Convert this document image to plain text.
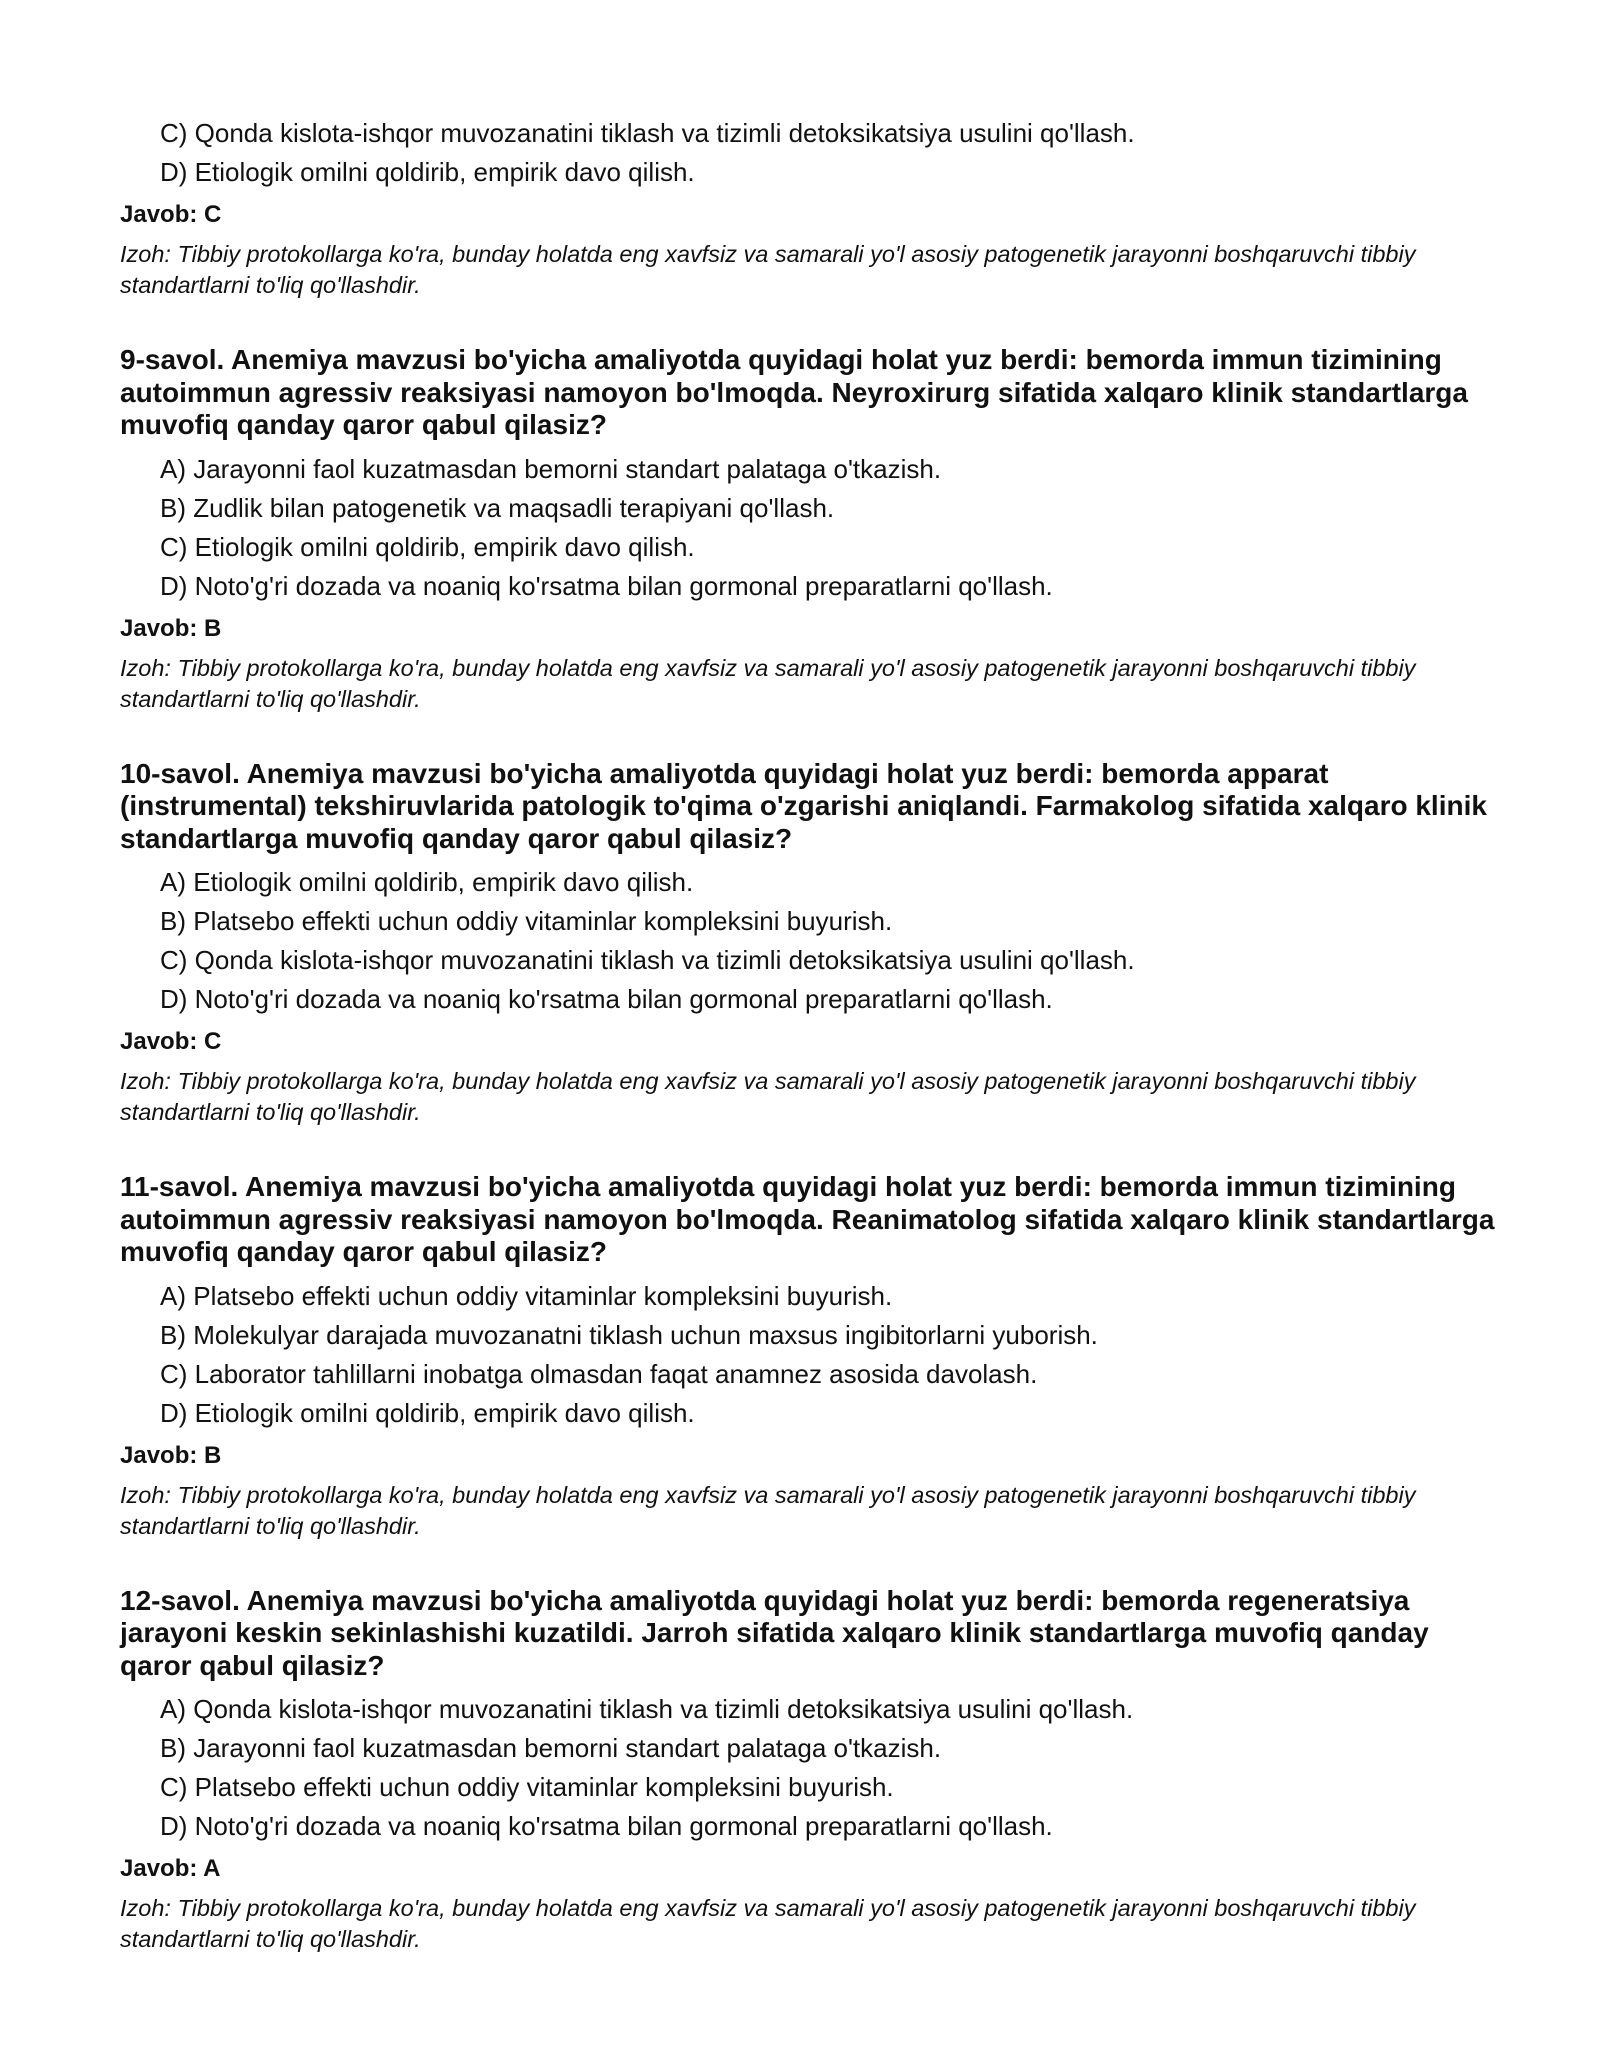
C) Qonda kislota-ishqor muvozanatini tiklash va tizimli detoksikatsiya usulini qo'llash.
D) Etiologik omilni qoldirib, empirik davo qilish.
Javob: C
Izoh: Tibbiy protokollarga ko'ra, bunday holatda eng xavfsiz va samarali yo'l asosiy patogenetik jarayonni boshqaruvchi tibbiy standartlarni to'liq qo'llashdir.
9-savol. Anemiya mavzusi bo'yicha amaliyotda quyidagi holat yuz berdi: bemorda immun tizimining autoimmun agressiv reaksiyasi namoyon bo'lmoqda. Neyroxirurg sifatida xalqaro klinik standartlarga muvofiq qanday qaror qabul qilasiz?
A) Jarayonni faol kuzatmasdan bemorni standart palataga o'tkazish.
B) Zudlik bilan patogenetik va maqsadli terapiyani qo'llash.
C) Etiologik omilni qoldirib, empirik davo qilish.
D) Noto'g'ri dozada va noaniq ko'rsatma bilan gormonal preparatlarni qo'llash.
Javob: B
Izoh: Tibbiy protokollarga ko'ra, bunday holatda eng xavfsiz va samarali yo'l asosiy patogenetik jarayonni boshqaruvchi tibbiy standartlarni to'liq qo'llashdir.
10-savol. Anemiya mavzusi bo'yicha amaliyotda quyidagi holat yuz berdi: bemorda apparat (instrumental) tekshiruvlarida patologik to'qima o'zgarishi aniqlandi. Farmakolog sifatida xalqaro klinik standartlarga muvofiq qanday qaror qabul qilasiz?
A) Etiologik omilni qoldirib, empirik davo qilish.
B) Platsebo effekti uchun oddiy vitaminlar kompleksini buyurish.
C) Qonda kislota-ishqor muvozanatini tiklash va tizimli detoksikatsiya usulini qo'llash.
D) Noto'g'ri dozada va noaniq ko'rsatma bilan gormonal preparatlarni qo'llash.
Javob: C
Izoh: Tibbiy protokollarga ko'ra, bunday holatda eng xavfsiz va samarali yo'l asosiy patogenetik jarayonni boshqaruvchi tibbiy standartlarni to'liq qo'llashdir.
11-savol. Anemiya mavzusi bo'yicha amaliyotda quyidagi holat yuz berdi: bemorda immun tizimining autoimmun agressiv reaksiyasi namoyon bo'lmoqda. Reanimatolog sifatida xalqaro klinik standartlarga muvofiq qanday qaror qabul qilasiz?
A) Platsebo effekti uchun oddiy vitaminlar kompleksini buyurish.
B) Molekulyar darajada muvozanatni tiklash uchun maxsus ingibitorlarni yuborish.
C) Laborator tahlillarni inobatga olmasdan faqat anamnez asosida davolash.
D) Etiologik omilni qoldirib, empirik davo qilish.
Javob: B
Izoh: Tibbiy protokollarga ko'ra, bunday holatda eng xavfsiz va samarali yo'l asosiy patogenetik jarayonni boshqaruvchi tibbiy standartlarni to'liq qo'llashdir.
12-savol. Anemiya mavzusi bo'yicha amaliyotda quyidagi holat yuz berdi: bemorda regeneratsiya jarayoni keskin sekinlashishi kuzatildi. Jarroh sifatida xalqaro klinik standartlarga muvofiq qanday qaror qabul qilasiz?
A) Qonda kislota-ishqor muvozanatini tiklash va tizimli detoksikatsiya usulini qo'llash.
B) Jarayonni faol kuzatmasdan bemorni standart palataga o'tkazish.
C) Platsebo effekti uchun oddiy vitaminlar kompleksini buyurish.
D) Noto'g'ri dozada va noaniq ko'rsatma bilan gormonal preparatlarni qo'llash.
Javob: A
Izoh: Tibbiy protokollarga ko'ra, bunday holatda eng xavfsiz va samarali yo'l asosiy patogenetik jarayonni boshqaruvchi tibbiy standartlarni to'liq qo'llashdir.
